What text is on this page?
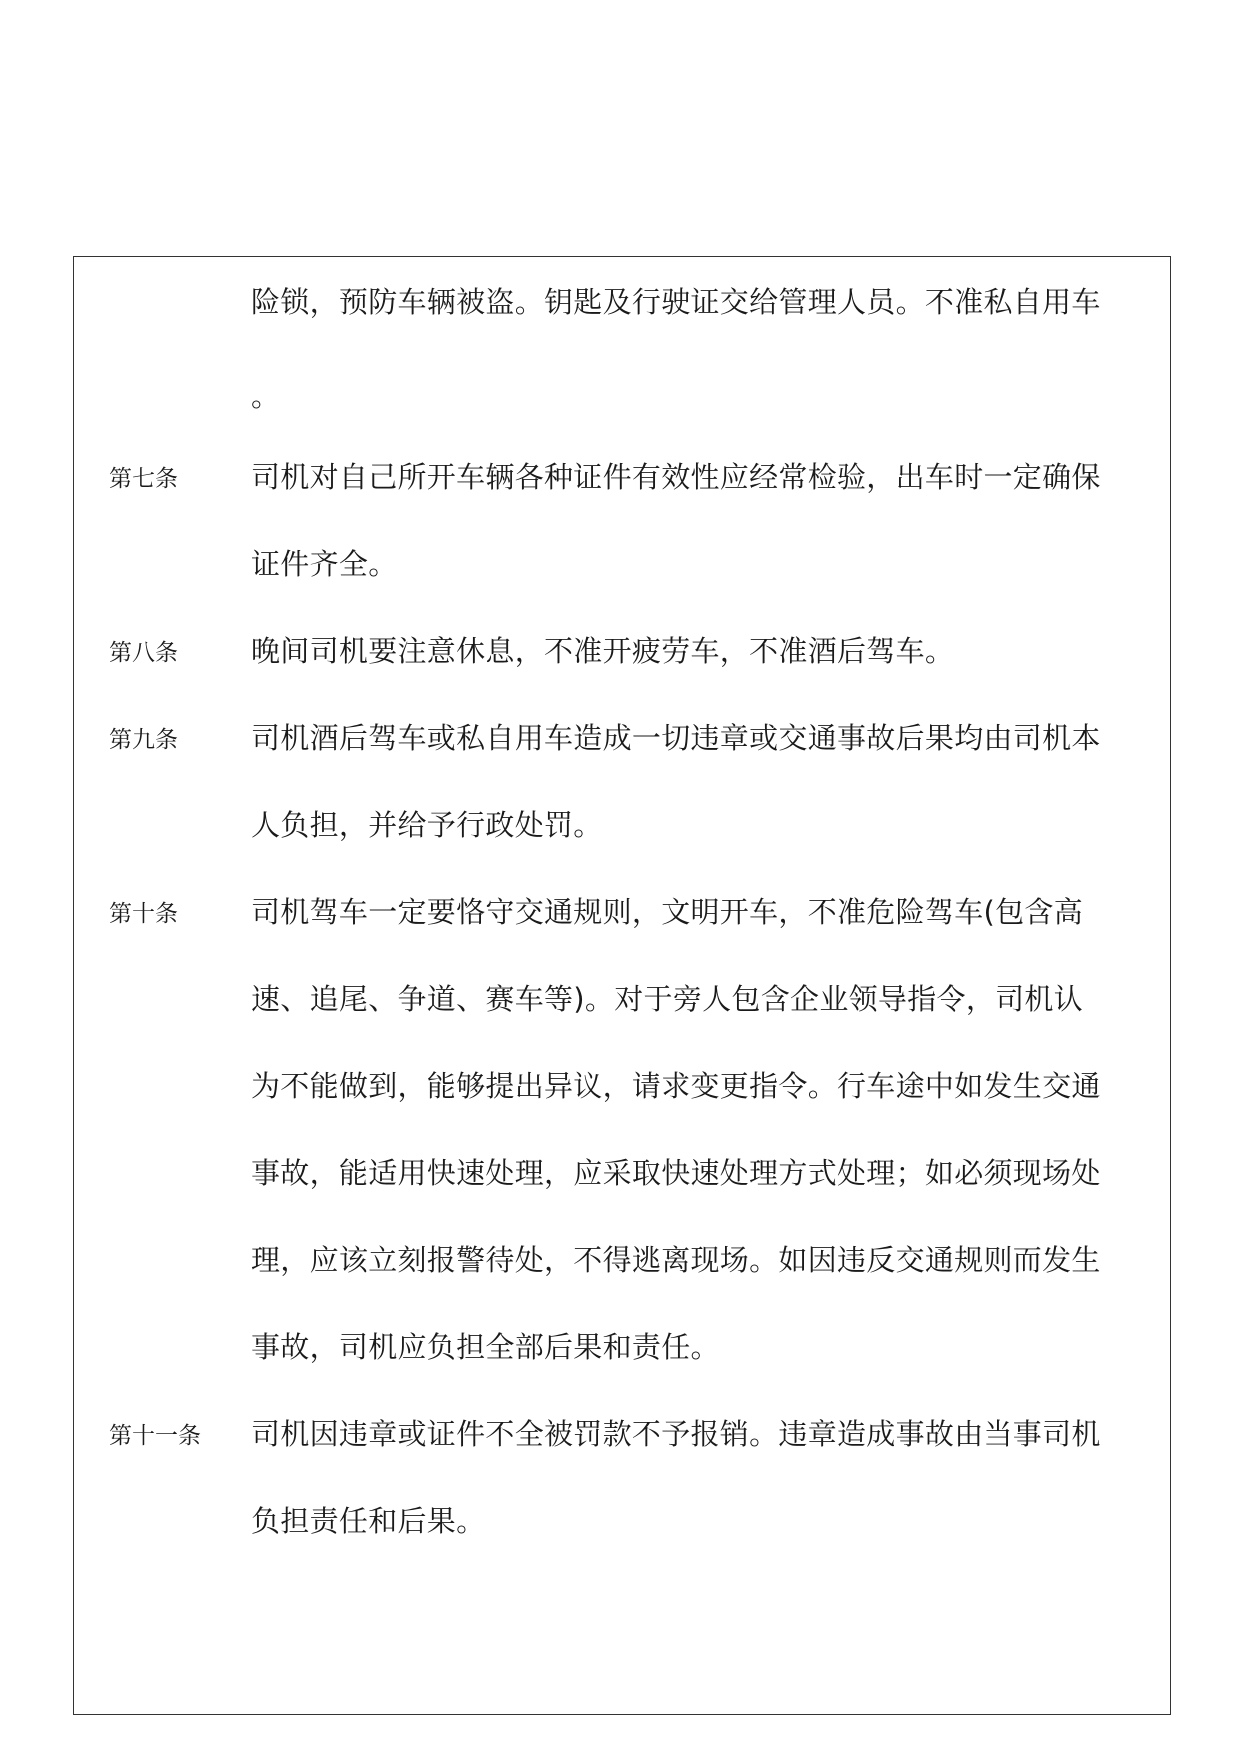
险锁，预防车辆被盗。钥匙及行驶证交给管理人员。不准私自用车
。
第七条	司机对自己所开车辆各种证件有效性应经常检验，出车时一定确保
证件齐全。
第八条	晚间司机要注意休息，不准开疲劳车，不准酒后驾车。
第九条	司机酒后驾车或私自用车造成一切违章或交通事故后果均由司机本
人负担，并给予行政处罚。
第十条	司机驾车一定要恪守交通规则，文明开车，不准危险驾车(包含高
速、追尾、争道、赛车等)。对于旁人包含企业领导指令，司机认
为不能做到，能够提出异议，请求变更指令。行车途中如发生交通
事故，能适用快速处理，应采取快速处理方式处理；如必须现场处
理，应该立刻报警待处，不得逃离现场。如因违反交通规则而发生
事故，司机应负担全部后果和责任。
第十一条 司机因违章或证件不全被罚款不予报销。违章造成事故由当事司机
负担责任和后果。
